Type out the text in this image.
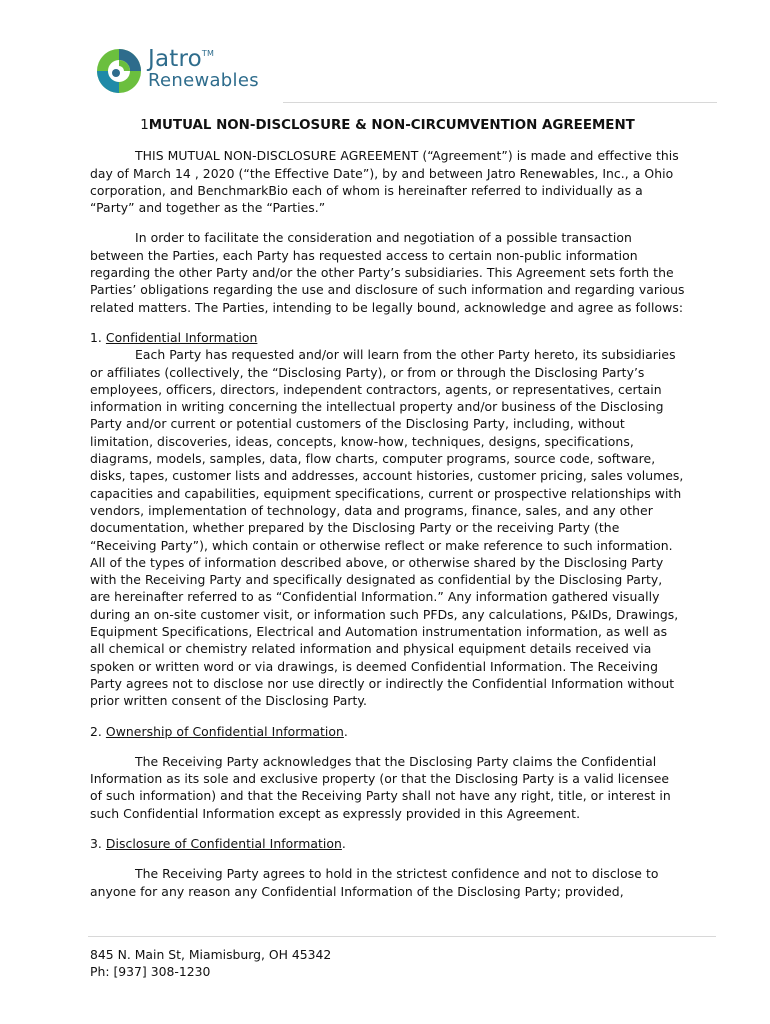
Jatro™
Renewables
1MUTUAL NON-DISCLOSURE & NON-CIRCUMVENTION AGREEMENT

THIS MUTUAL NON-DISCLOSURE AGREEMENT (“Agreement”) is made and effective this day of March 14 , 2020 (“the Effective Date”), by and between Jatro Renewables, Inc., a Ohio corporation, and BenchmarkBio each of whom is hereinafter referred to individually as a “Party” and together as the “Parties.”

In order to facilitate the consideration and negotiation of a possible transaction between the Parties, each Party has requested access to certain non-public information regarding the other Party and/or the other Party’s subsidiaries. This Agreement sets forth the Parties’ obligations regarding the use and disclosure of such information and regarding various related matters. The Parties, intending to be legally bound, acknowledge and agree as follows:

1. Confidential Information

Each Party has requested and/or will learn from the other Party hereto, its subsidiaries or affiliates (collectively, the “Disclosing Party), or from or through the Disclosing Party’s employees, officers, directors, independent contractors, agents, or representatives, certain information in writing concerning the intellectual property and/or business of the Disclosing Party and/or current or potential customers of the Disclosing Party, including, without limitation, discoveries, ideas, concepts, know-how, techniques, designs, specifications, diagrams, models, samples, data, flow charts, computer programs, source code, software, disks, tapes, customer lists and addresses, account histories, customer pricing, sales volumes, capacities and capabilities, equipment specifications, current or prospective relationships with vendors, implementation of technology, data and programs, finance, sales, and any other documentation, whether prepared by the Disclosing Party or the receiving Party (the “Receiving Party”), which contain or otherwise reflect or make reference to such information. All of the types of information described above, or otherwise shared by the Disclosing Party with the Receiving Party and specifically designated as confidential by the Disclosing Party, are hereinafter referred to as “Confidential Information.” Any information gathered visually during an on-site customer visit, or information such PFDs, any calculations, P&IDs, Drawings, Equipment Specifications, Electrical and Automation instrumentation information, as well as all chemical or chemistry related information and physical equipment details received via spoken or written word or via drawings, is deemed Confidential Information. The Receiving Party agrees not to disclose nor use directly or indirectly the Confidential Information without prior written consent of the Disclosing Party.

2. Ownership of Confidential Information.

The Receiving Party acknowledges that the Disclosing Party claims the Confidential Information as its sole and exclusive property (or that the Disclosing Party is a valid licensee of such information) and that the Receiving Party shall not have any right, title, or interest in such Confidential Information except as expressly provided in this Agreement.

3. Disclosure of Confidential Information.

The Receiving Party agrees to hold in the strictest confidence and not to disclose to anyone for any reason any Confidential Information of the Disclosing Party; provided,

845 N. Main St, Miamisburg, OH 45342
Ph: [937] 308-1230
